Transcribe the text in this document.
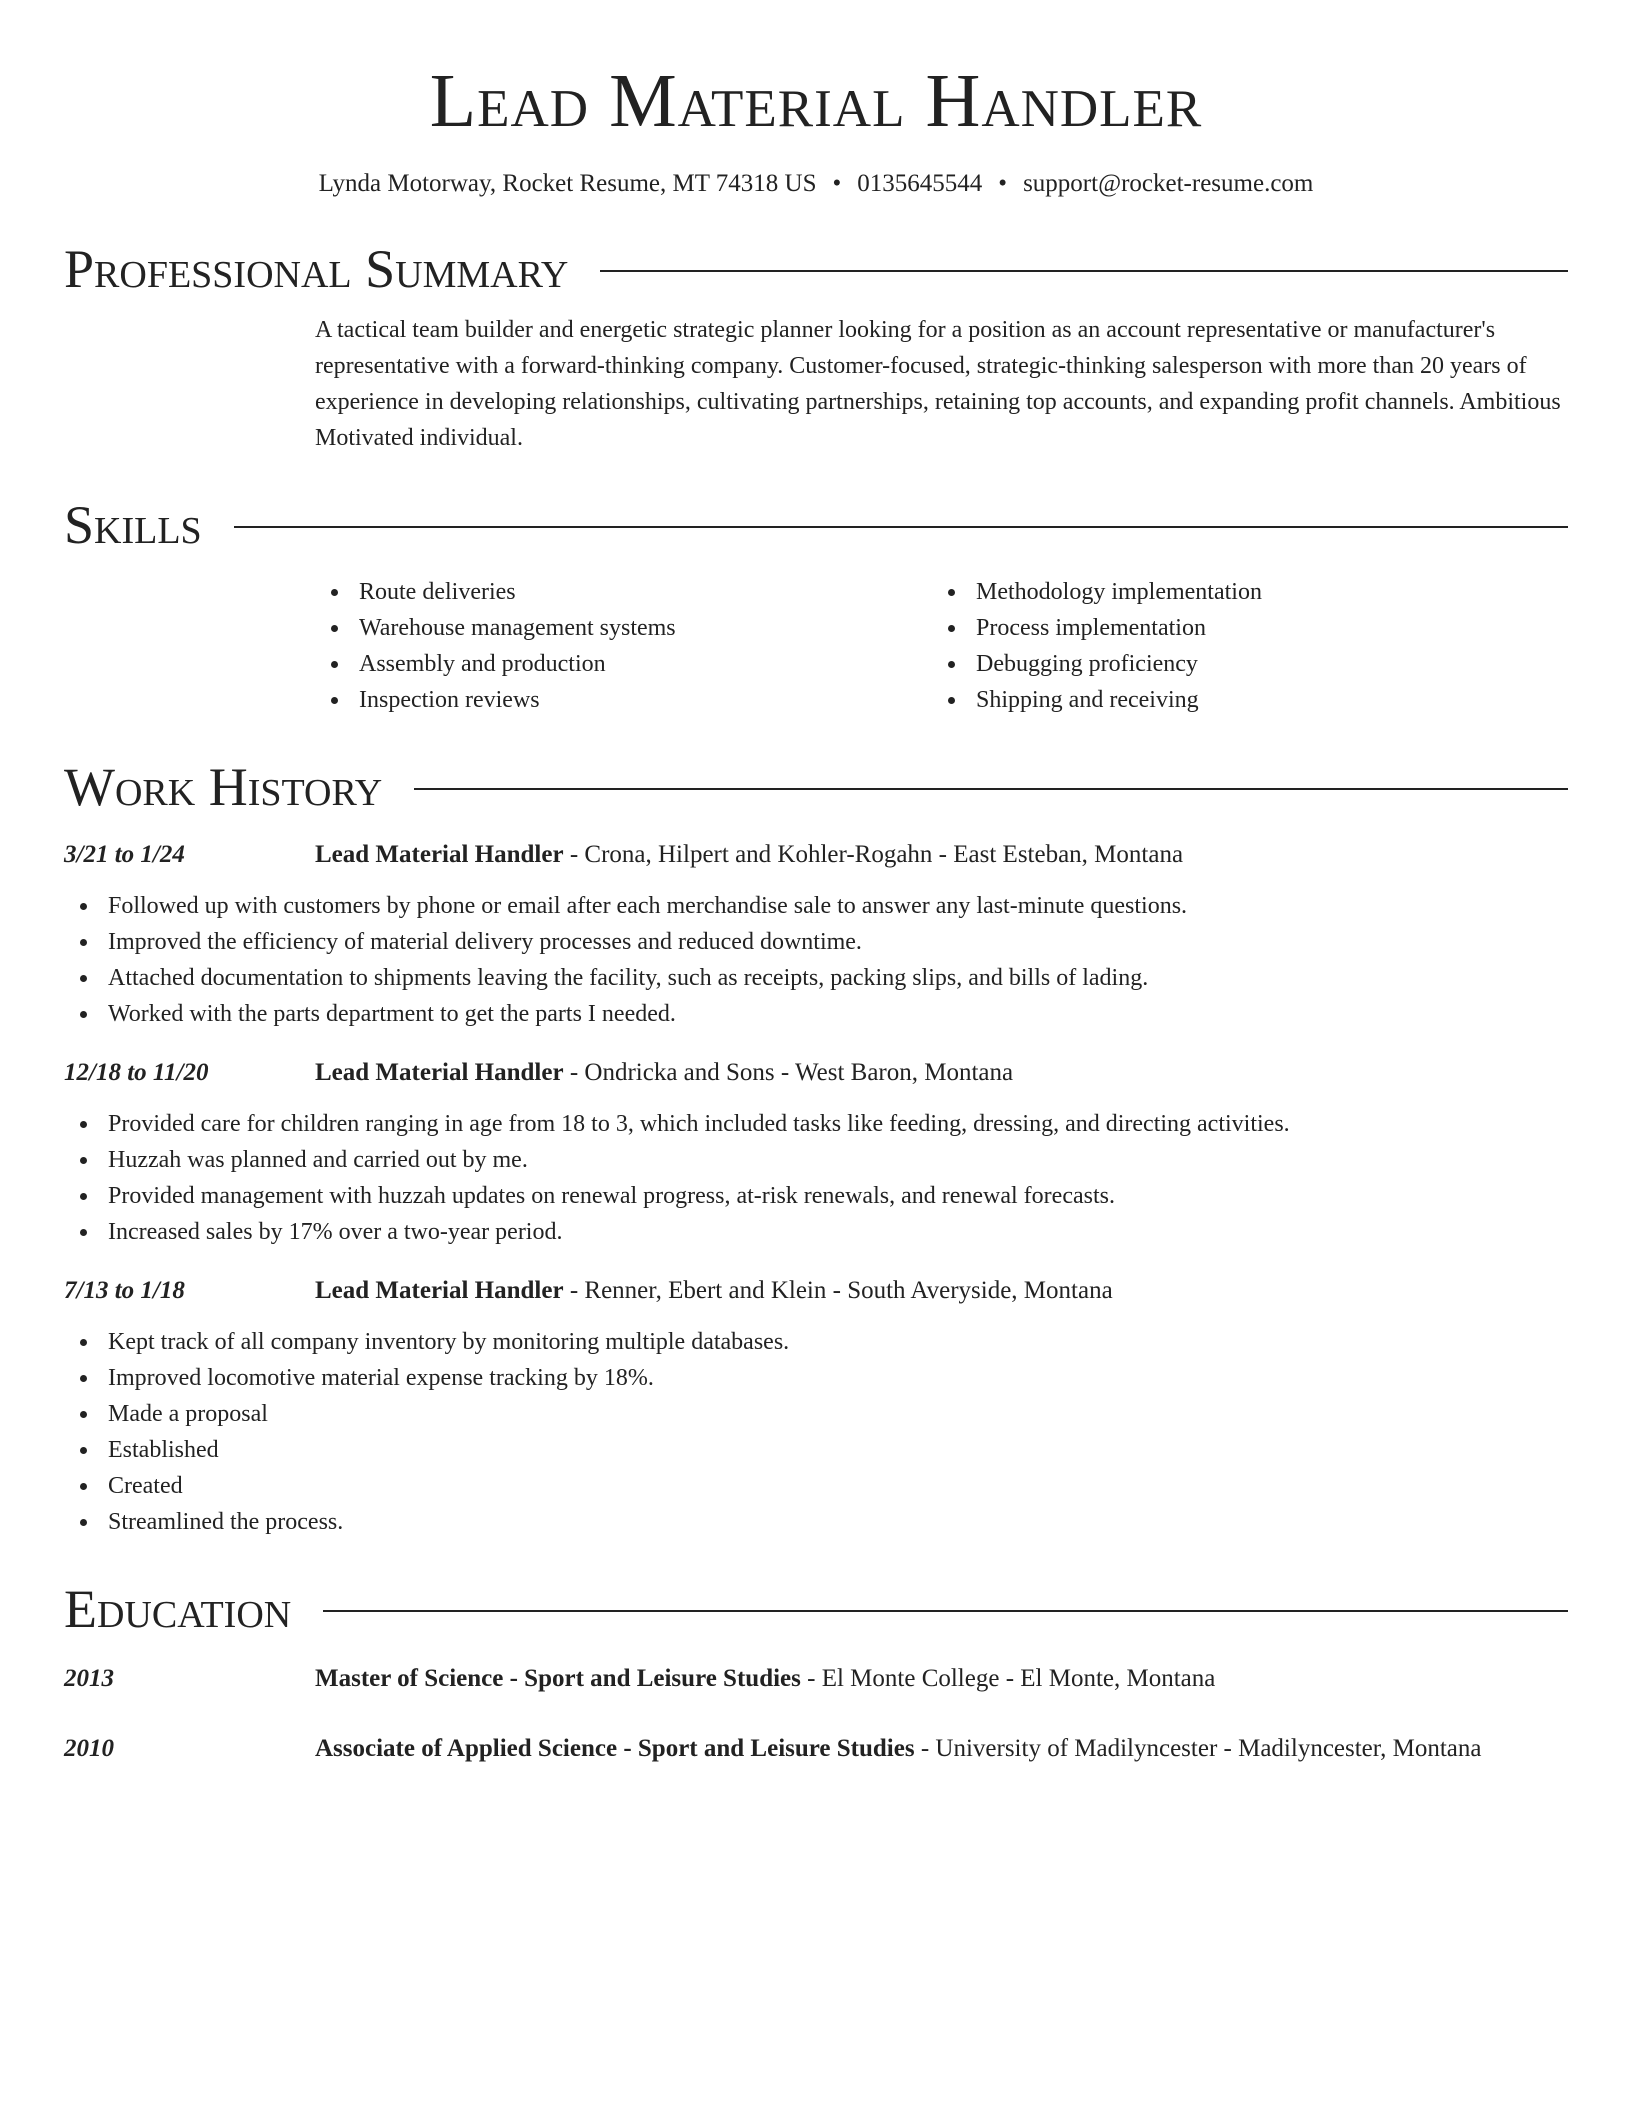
Lead Material Handler
Lynda Motorway, Rocket Resume, MT 74318 US • 0135645544 • support@rocket-resume.com
Professional Summary
A tactical team builder and energetic strategic planner looking for a position as an account representative or manufacturer's representative with a forward-thinking company. Customer-focused, strategic-thinking salesperson with more than 20 years of experience in developing relationships, cultivating partnerships, retaining top accounts, and expanding profit channels. Ambitious Motivated individual.
Skills
Route deliveries
Warehouse management systems
Assembly and production
Inspection reviews
Methodology implementation
Process implementation
Debugging proficiency
Shipping and receiving
Work History
3/21 to 1/24	Lead Material Handler - Crona, Hilpert and Kohler-Rogahn - East Esteban, Montana
Followed up with customers by phone or email after each merchandise sale to answer any last-minute questions.
Improved the efficiency of material delivery processes and reduced downtime.
Attached documentation to shipments leaving the facility, such as receipts, packing slips, and bills of lading.
Worked with the parts department to get the parts I needed.
12/18 to 11/20	Lead Material Handler - Ondricka and Sons - West Baron, Montana
Provided care for children ranging in age from 18 to 3, which included tasks like feeding, dressing, and directing activities.
Huzzah was planned and carried out by me.
Provided management with huzzah updates on renewal progress, at-risk renewals, and renewal forecasts.
Increased sales by 17% over a two-year period.
7/13 to 1/18	Lead Material Handler - Renner, Ebert and Klein - South Averyside, Montana
Kept track of all company inventory by monitoring multiple databases.
Improved locomotive material expense tracking by 18%.
Made a proposal
Established
Created
Streamlined the process.
Education
2013	Master of Science - Sport and Leisure Studies - El Monte College - El Monte, Montana
2010	Associate of Applied Science - Sport and Leisure Studies - University of Madilyncester - Madilyncester, Montana
